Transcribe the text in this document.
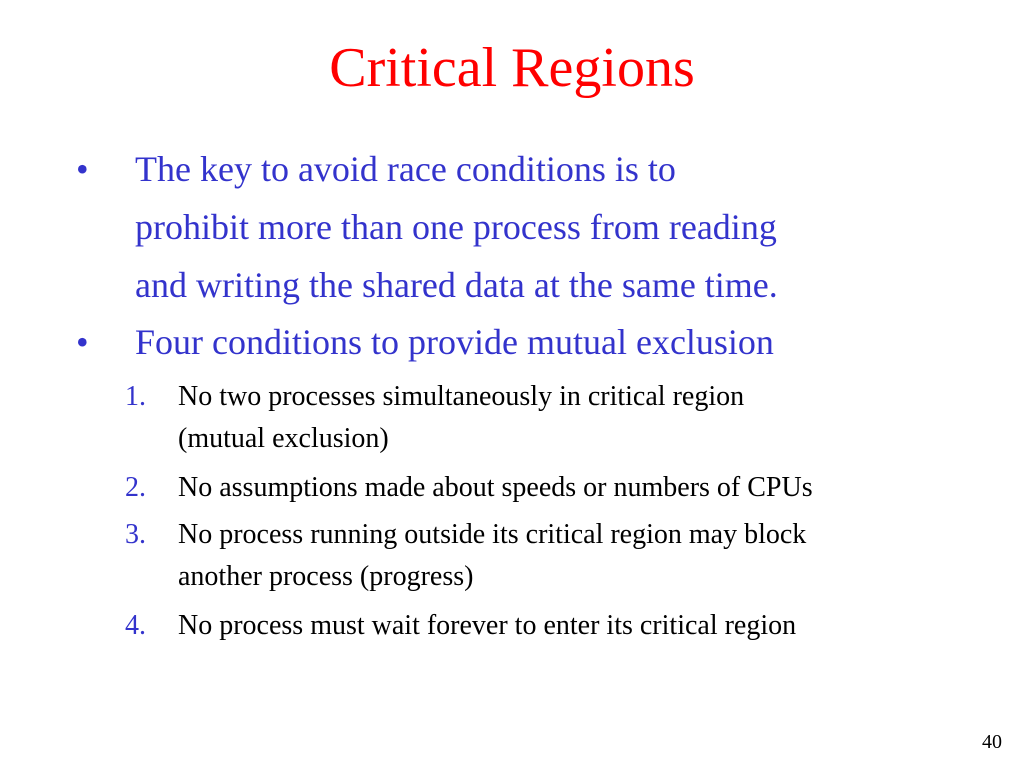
Critical Regions
• The key to avoid race conditions is to
prohibit more than one process from reading
and writing the shared data at the same time.
• Four conditions to provide mutual exclusion
1. No two processes simultaneously in critical region
(mutual exclusion)
2. No assumptions made about speeds or numbers of CPUs
3. No process running outside its critical region may block
another process (progress)
4. No process must wait forever to enter its critical region
40
